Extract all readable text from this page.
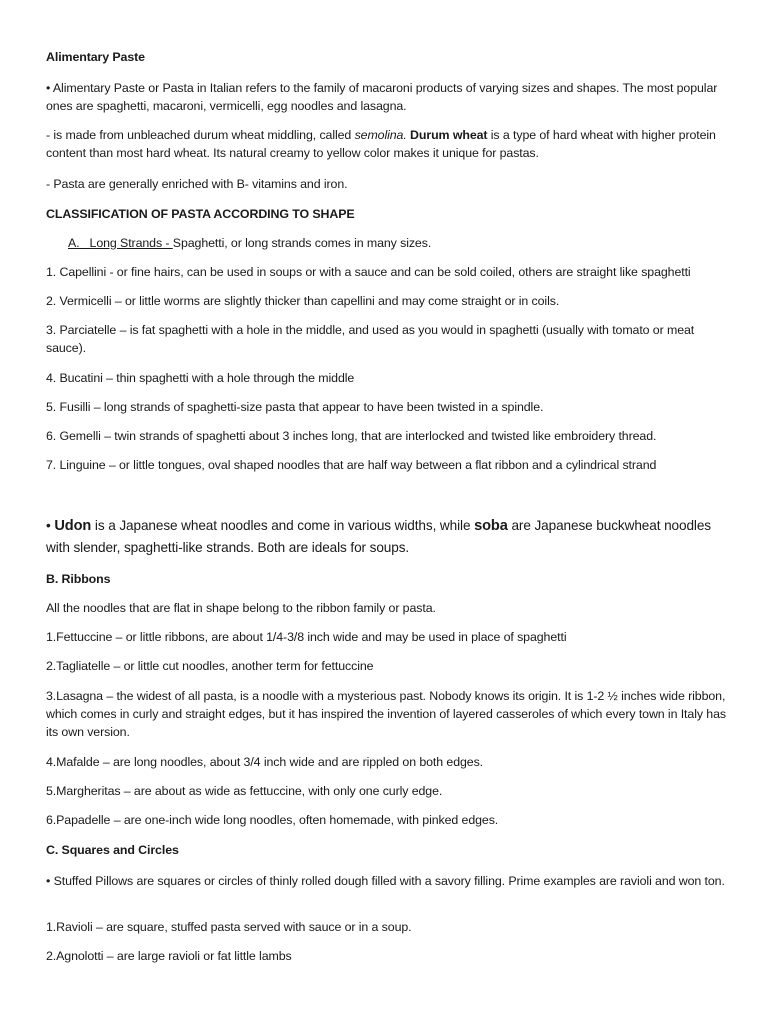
Alimentary Paste
• Alimentary Paste or Pasta in Italian refers to the family of macaroni products of varying sizes and shapes. The most popular ones are spaghetti, macaroni, vermicelli, egg noodles and lasagna.
- is made from unbleached durum wheat middling, called semolina. Durum wheat is a type of hard wheat with higher protein content than most hard wheat. Its natural creamy to yellow color makes it unique for pastas.
- Pasta are generally enriched with B- vitamins and iron.
CLASSIFICATION OF PASTA ACCORDING TO SHAPE
A. Long Strands - Spaghetti, or long strands comes in many sizes.
1. Capellini - or fine hairs, can be used in soups or with a sauce and can be sold coiled, others are straight like spaghetti
2. Vermicelli – or little worms are slightly thicker than capellini and may come straight or in coils.
3. Parciatelle – is fat spaghetti with a hole in the middle, and used as you would in spaghetti (usually with tomato or meat sauce).
4. Bucatini – thin spaghetti with a hole through the middle
5. Fusilli – long strands of spaghetti-size pasta that appear to have been twisted in a spindle.
6. Gemelli – twin strands of spaghetti about 3 inches long, that are interlocked and twisted like embroidery thread.
7. Linguine – or little tongues, oval shaped noodles that are half way between a flat ribbon and a cylindrical strand
• Udon is a Japanese wheat noodles and come in various widths, while soba are Japanese buckwheat noodles with slender, spaghetti-like strands. Both are ideals for soups.
B. Ribbons
All the noodles that are flat in shape belong to the ribbon family or pasta.
1.Fettuccine – or little ribbons, are about 1/4-3/8 inch wide and may be used in place of spaghetti
2.Tagliatelle – or little cut noodles, another term for fettuccine
3.Lasagna – the widest of all pasta, is a noodle with a mysterious past. Nobody knows its origin. It is 1-2 ½ inches wide ribbon, which comes in curly and straight edges, but it has inspired the invention of layered casseroles of which every town in Italy has its own version.
4.Mafalde – are long noodles, about 3/4 inch wide and are rippled on both edges.
5.Margheritas – are about as wide as fettuccine, with only one curly edge.
6.Papadelle – are one-inch wide long noodles, often homemade, with pinked edges.
C. Squares and Circles
• Stuffed Pillows are squares or circles of thinly rolled dough filled with a savory filling. Prime examples are ravioli and won ton.
1.Ravioli – are square, stuffed pasta served with sauce or in a soup.
2.Agnolotti – are large ravioli or fat little lambs
